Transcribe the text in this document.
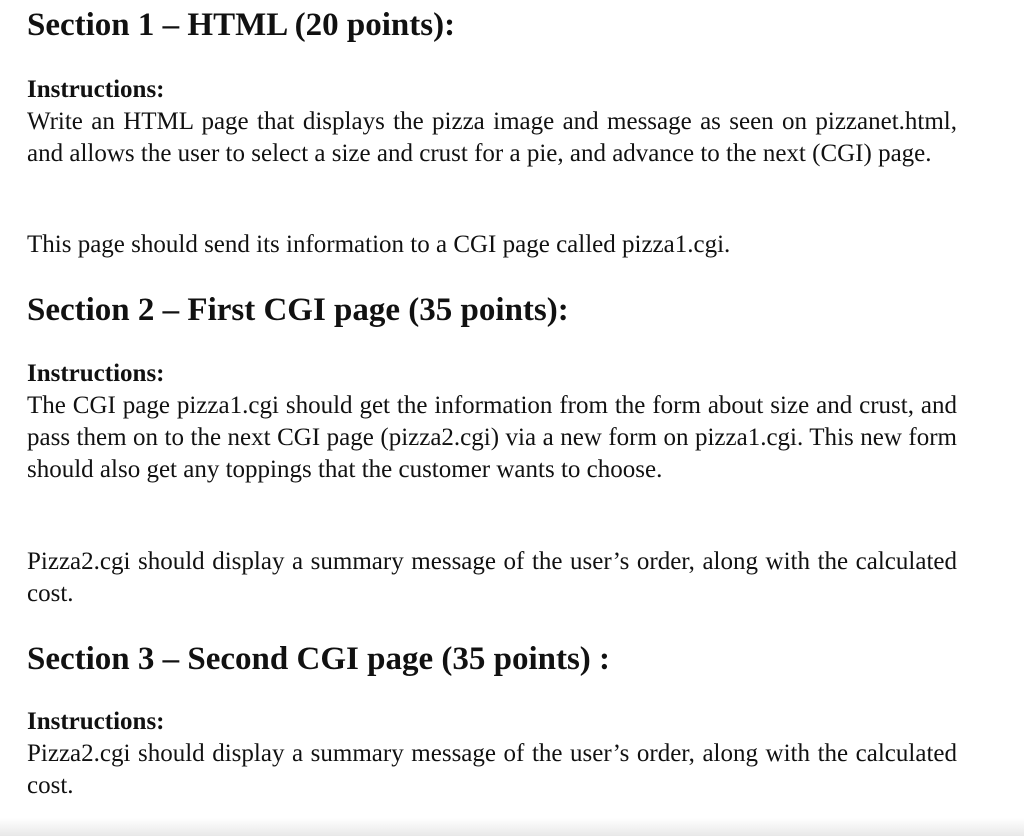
Section 1 – HTML (20 points):

Instructions:

Write an HTML page that displays the pizza image and message as seen on pizzanet.html, and allows the user to select a size and crust for a pie, and advance to the next (CGI) page.

This page should send its information to a CGI page called pizza1.cgi.

Section 2 – First CGI page (35 points):

Instructions:

The CGI page pizza1.cgi should get the information from the form about size and crust, and pass them on to the next CGI page (pizza2.cgi) via a new form on pizza1.cgi. This new form should also get any toppings that the customer wants to choose.

Pizza2.cgi should display a summary message of the user’s order, along with the calculated cost.

Section 3 – Second CGI page (35 points) :

Instructions:

Pizza2.cgi should display a summary message of the user’s order, along with the calculated cost.
